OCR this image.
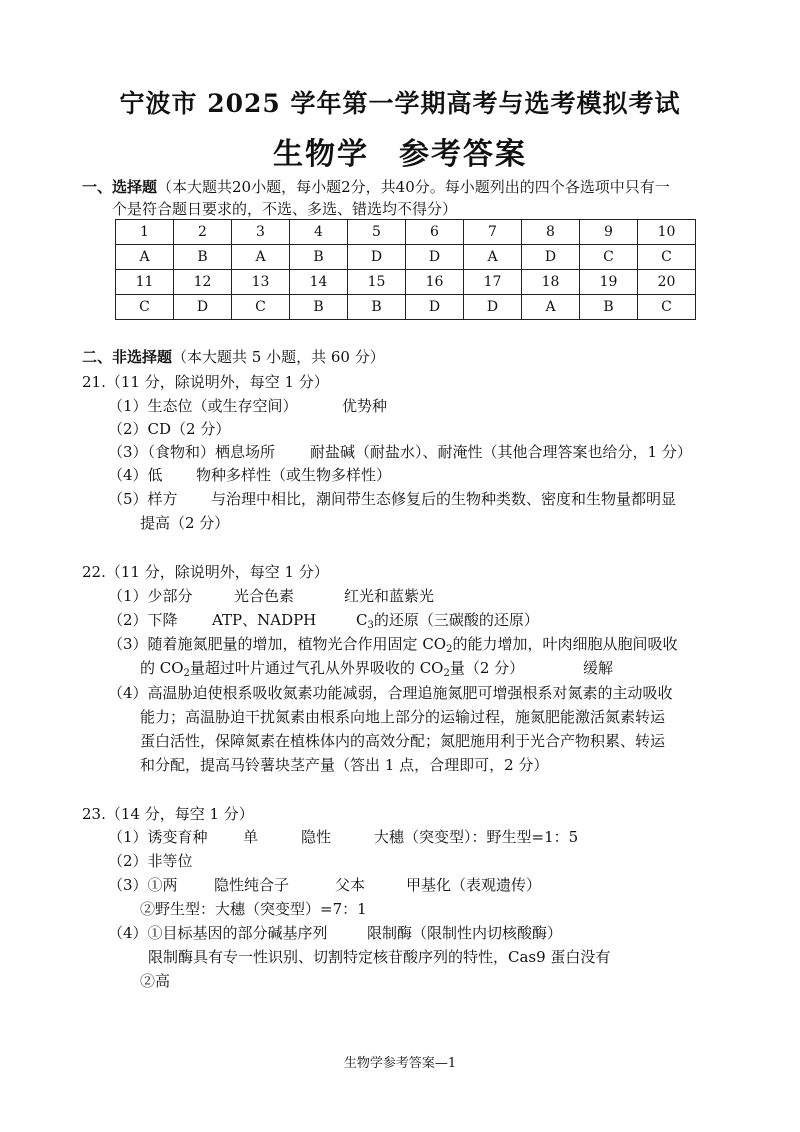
宁波市 2025 学年第一学期高考与选考模拟考试
生物学 参考答案
一、选择题（本大题共20小题，每小题2分，共40分。每小题列出的四个各选项中只有一
个是符合题日要求的，不选、多选、错选均不得分）
1	2	3	4	5	6	7	8	9	10
A	B	A	B	D	D	A	D	C	C
11	12	13	14	15	16	17	18	19	20
C	D	C	B	B	D	D	A	B	C
二、非选择题（本大题共 5 小题，共 60 分）
21.（11 分，除说明外，每空 1 分）
（1）生态位（或生存空间）	优势种
（2）CD（2 分）
（3）（食物和）栖息场所 耐盐碱（耐盐水）、耐淹性（其他合理答案也给分，1 分）
（4）低 物种多样性（或生物多样性）
（5）样方 与治理中相比，潮间带生态修复后的生物种类数、密度和生物量都明显
提高（2 分）
22.（11 分，除说明外，每空 1 分）
（1）少部分	光合色素	红光和蓝紫光
（2）下降 ATP、NADPH	$C_3$的还原（三碳酸的还原）
（3）随着施氮肥量的增加，植物光合作用固定 $CO_2$的能力增加，叶肉细胞从胞间吸收
的 $CO_2$量超过叶片通过气孔从外界吸收的 $CO_2$量（2 分）	缓解
（4）高温胁迫使根系吸收氮素功能减弱，合理追施氮肥可增强根系对氮素的主动吸收
能力；高温胁迫干扰氮素由根系向地上部分的运输过程，施氮肥能激活氮素转运
蛋白活性，保障氮素在植株体内的高效分配；氮肥施用利于光合产物积累、转运
和分配，提高马铃薯块茎产量（答出 1 点，合理即可，2 分）
23.（14 分，每空 1 分）
（1）诱变育种 单	隐性	大穗（突变型）：野生型=1：5
（2）非等位
（3）①两 隐性纯合子	父本	甲基化（表观遗传）
②野生型：大穗（突变型）=7：1
（4）①目标基因的部分碱基序列	限制酶（限制性内切核酸酶）
限制酶具有专一性识别、切割特定核苷酸序列的特性，Cas9 蛋白没有
②高
生物学参考答案—1
